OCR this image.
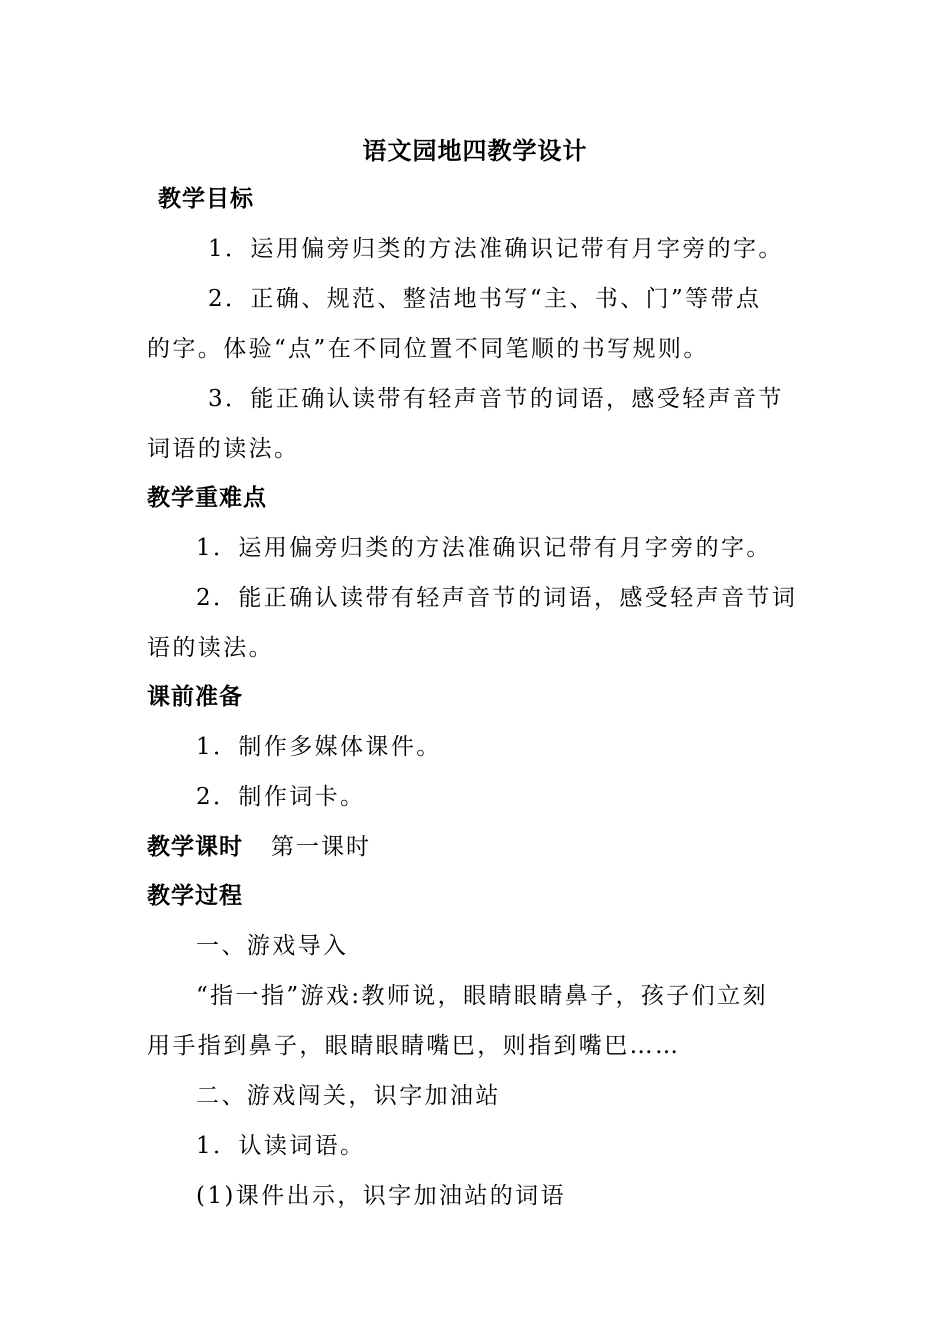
语文园地四教学设计
教学目标
1．运用偏旁归类的方法准确识记带有月字旁的字。
2．正确、规范、整洁地书写“主、书、门”等带点
的字。体验“点”在不同位置不同笔顺的书写规则。
3．能正确认读带有轻声音节的词语，感受轻声音节
词语的读法。
教学重难点
1．运用偏旁归类的方法准确识记带有月字旁的字。
2．能正确认读带有轻声音节的词语，感受轻声音节词
语的读法。
课前准备
1．制作多媒体课件。
2．制作词卡。
教学课时 第一课时
教学过程
一、游戏导入
“指一指”游戏:教师说，眼睛眼睛鼻子，孩子们立刻
用手指到鼻子，眼睛眼睛嘴巴，则指到嘴巴……
二、游戏闯关，识字加油站
1．认读词语。
(1)课件出示，识字加油站的词语
